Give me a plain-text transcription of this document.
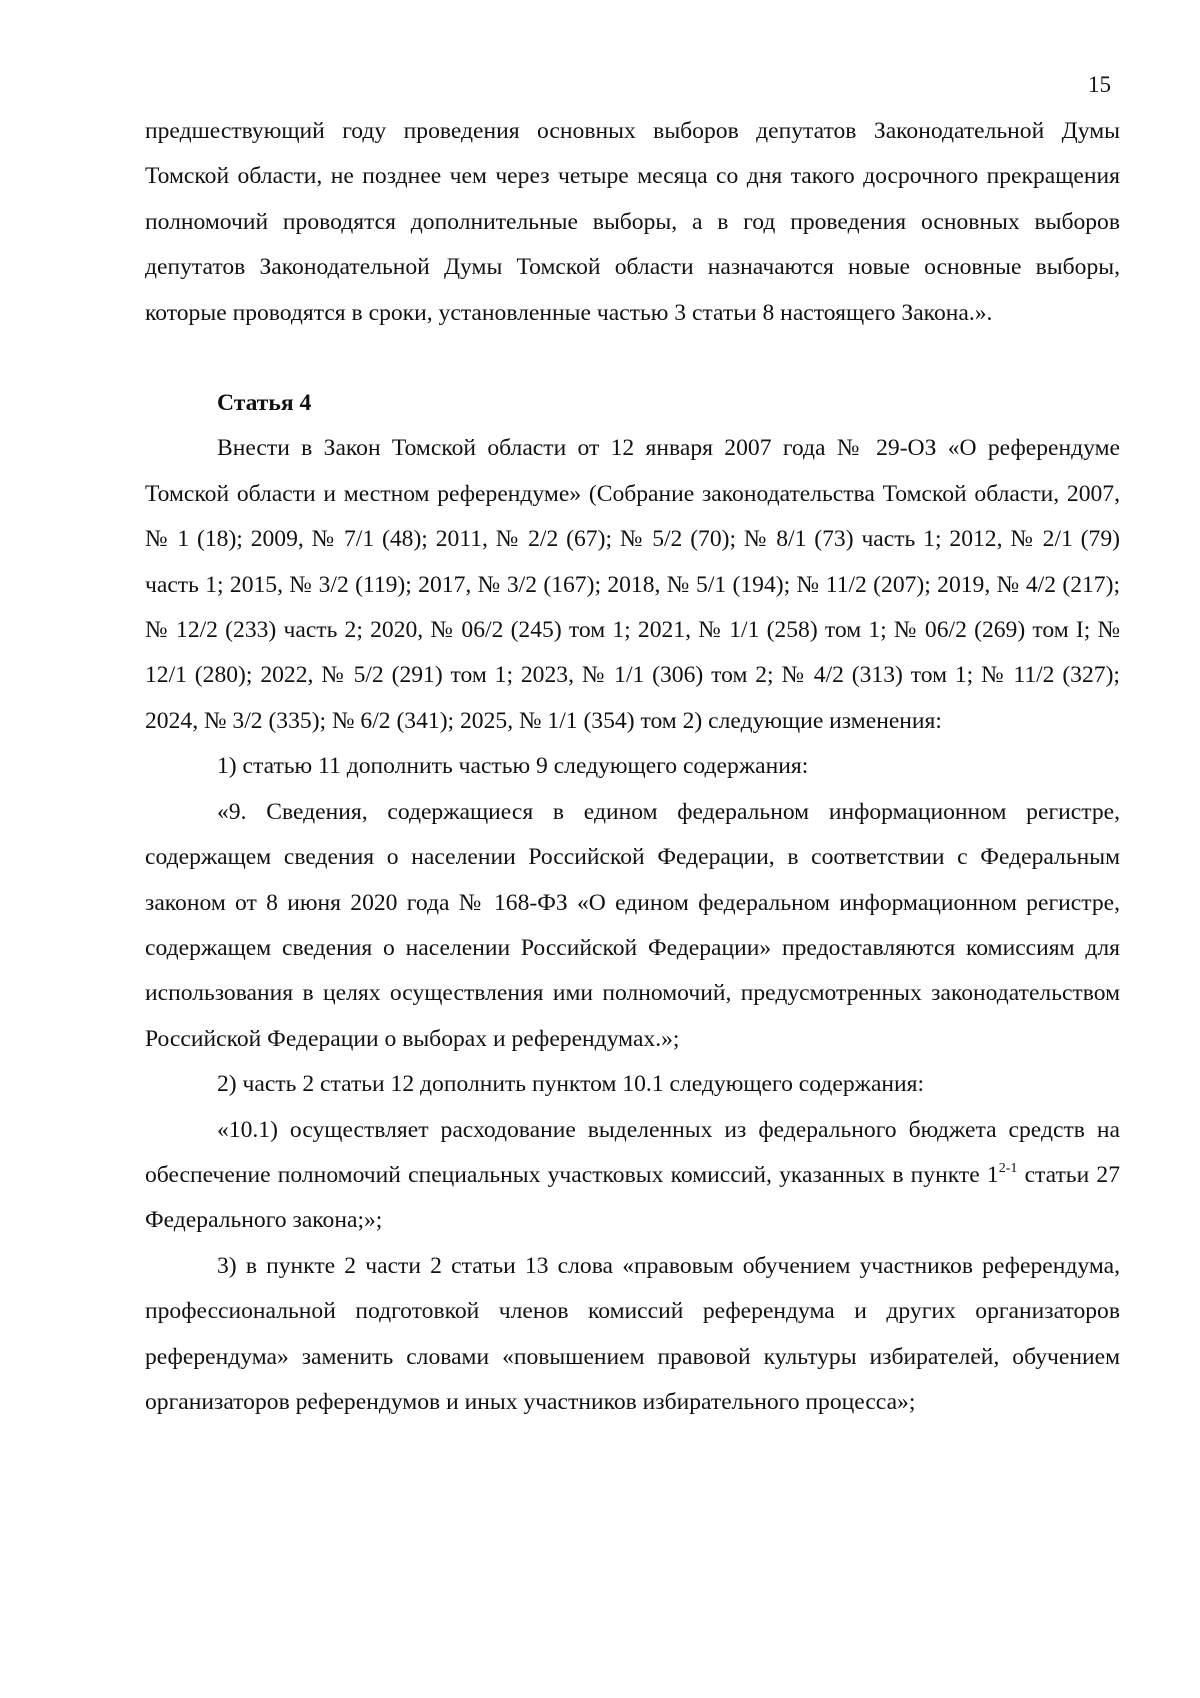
15

предшествующий году проведения основных выборов депутатов Законодательной Думы Томской области, не позднее чем через четыре месяца со дня такого досрочного прекращения полномочий проводятся дополнительные выборы, а в год проведения основных выборов депутатов Законодательной Думы Томской области назначаются новые основные выборы, которые проводятся в сроки, установленные частью 3 статьи 8 настоящего Закона.».

Статья 4

Внести в Закон Томской области от 12 января 2007 года № 29-ОЗ «О референдуме Томской области и местном референдуме» (Собрание законодательства Томской области, 2007, № 1 (18); 2009, № 7/1 (48); 2011, № 2/2 (67); № 5/2 (70); № 8/1 (73) часть 1; 2012, № 2/1 (79) часть 1; 2015, № 3/2 (119); 2017, № 3/2 (167); 2018, № 5/1 (194); № 11/2 (207); 2019, № 4/2 (217); № 12/2 (233) часть 2; 2020, № 06/2 (245) том 1; 2021, № 1/1 (258) том 1; № 06/2 (269) том I; № 12/1 (280); 2022, № 5/2 (291) том 1; 2023, № 1/1 (306) том 2; № 4/2 (313) том 1; № 11/2 (327); 2024, № 3/2 (335); № 6/2 (341); 2025, № 1/1 (354) том 2) следующие изменения:

1) статью 11 дополнить частью 9 следующего содержания:

«9. Сведения, содержащиеся в едином федеральном информационном регистре, содержащем сведения о населении Российской Федерации, в соответствии с Федеральным законом от 8 июня 2020 года № 168-ФЗ «О едином федеральном информационном регистре, содержащем сведения о населении Российской Федерации» предоставляются комиссиям для использования в целях осуществления ими полномочий, предусмотренных законодательством Российской Федерации о выборах и референдумах.»;

2) часть 2 статьи 12 дополнить пунктом 10.1 следующего содержания:

«10.1) осуществляет расходование выделенных из федерального бюджета средств на обеспечение полномочий специальных участковых комиссий, указанных в пункте 1$^{2-1}$ статьи 27 Федерального закона;»;

3) в пункте 2 части 2 статьи 13 слова «правовым обучением участников референдума, профессиональной подготовкой членов комиссий референдума и других организаторов референдума» заменить словами «повышением правовой культуры избирателей, обучением организаторов референдумов и иных участников избирательного процесса»;
